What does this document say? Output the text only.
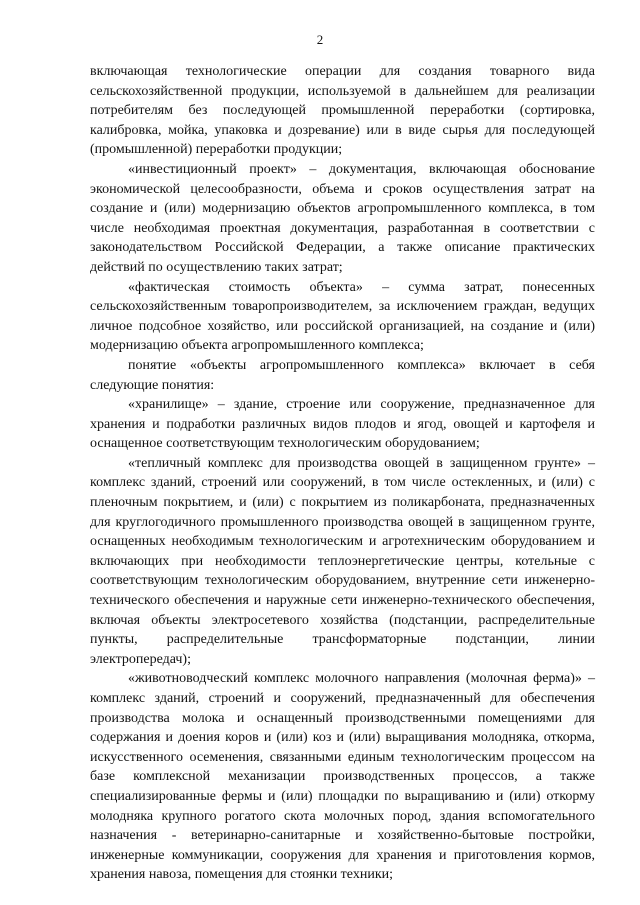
2

включающая технологические операции для создания товарного вида сельскохозяйственной продукции, используемой в дальнейшем для реализации потребителям без последующей промышленной переработки (сортировка, калибровка, мойка, упаковка и дозревание) или в виде сырья для последующей (промышленной) переработки продукции;

«инвестиционный проект» – документация, включающая обоснование экономической целесообразности, объема и сроков осуществления затрат на создание и (или) модернизацию объектов агропромышленного комплекса, в том числе необходимая проектная документация, разработанная в соответствии с законодательством Российской Федерации, а также описание практических действий по осуществлению таких затрат;

«фактическая стоимость объекта» – сумма затрат, понесенных сельскохозяйственным товаропроизводителем, за исключением граждан, ведущих личное подсобное хозяйство, или российской организацией, на создание и (или) модернизацию объекта агропромышленного комплекса;

понятие «объекты агропромышленного комплекса» включает в себя следующие понятия:

«хранилище» – здание, строение или сооружение, предназначенное для хранения и подработки различных видов плодов и ягод, овощей и картофеля и оснащенное соответствующим технологическим оборудованием;

«тепличный комплекс для производства овощей в защищенном грунте» – комплекс зданий, строений или сооружений, в том числе остекленных, и (или) с пленочным покрытием, и (или) с покрытием из поликарбоната, предназначенных для круглогодичного промышленного производства овощей в защищенном грунте, оснащенных необходимым технологическим и агротехническим оборудованием и включающих при необходимости теплоэнергетические центры, котельные с соответствующим технологическим оборудованием, внутренние сети инженерно-технического обеспечения и наружные сети инженерно-технического обеспечения, включая объекты электросетевого хозяйства (подстанции, распределительные пункты, распределительные трансформаторные подстанции, линии электропередач);

«животноводческий комплекс молочного направления (молочная ферма)» – комплекс зданий, строений и сооружений, предназначенный для обеспечения производства молока и оснащенный производственными помещениями для содержания и доения коров и (или) коз и (или) выращивания молодняка, откорма, искусственного осеменения, связанными единым технологическим процессом на базе комплексной механизации производственных процессов, а также специализированные фермы и (или) площадки по выращиванию и (или) откорму молодняка крупного рогатого скота молочных пород, здания вспомогательного назначения - ветеринарно-санитарные и хозяйственно-бытовые постройки, инженерные коммуникации, сооружения для хранения и приготовления кормов, хранения навоза, помещения для стоянки техники;
